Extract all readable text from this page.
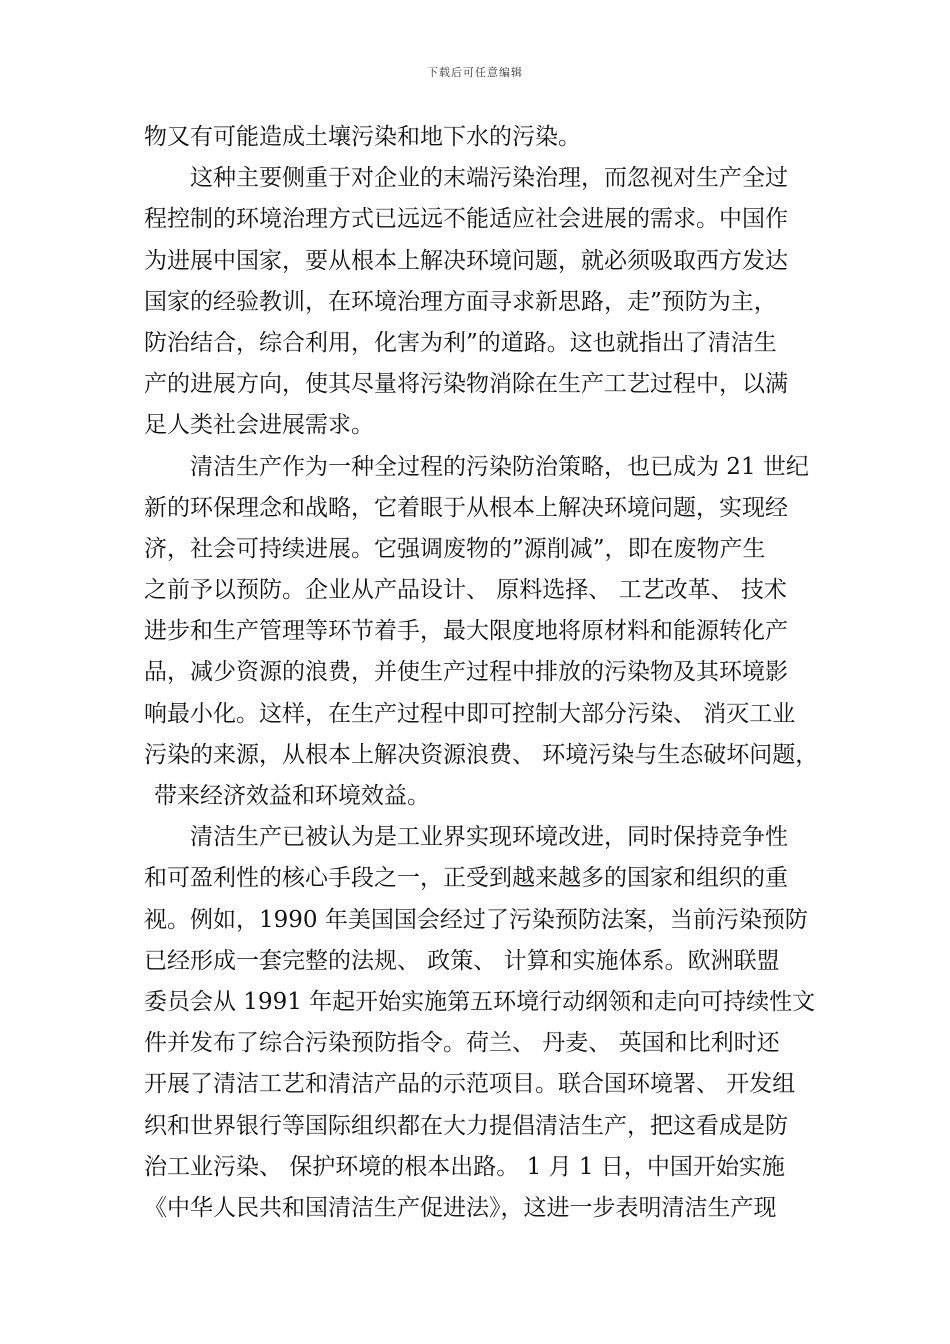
下载后可任意编辑
物又有可能造成土壤污染和地下水的污染。
这种主要侧重于对企业的末端污染治理，而忽视对生产全过
程控制的环境治理方式已远远不能适应社会进展的需求。中国作
为进展中国家，要从根本上解决环境问题，就必须吸取西方发达
国家的经验教训，在环境治理方面寻求新思路，走”预防为主，
防治结合，综合利用，化害为利”的道路。这也就指出了清洁生
产的进展方向，使其尽量将污染物消除在生产工艺过程中，以满
足人类社会进展需求。
清洁生产作为一种全过程的污染防治策略，也已成为 21 世纪
新的环保理念和战略，它着眼于从根本上解决环境问题，实现经
济，社会可持续进展。它强调废物的”源削减”，即在废物产生
之前予以预防。企业从产品设计、 原料选择、 工艺改革、 技术
进步和生产管理等环节着手，最大限度地将原材料和能源转化产
品，减少资源的浪费，并使生产过程中排放的污染物及其环境影
响最小化。这样，在生产过程中即可控制大部分污染、 消灭工业
污染的来源，从根本上解决资源浪费、 环境污染与生态破坏问题，
带来经济效益和环境效益。
清洁生产已被认为是工业界实现环境改进，同时保持竞争性
和可盈利性的核心手段之一，正受到越来越多的国家和组织的重
视。例如，1990 年美国国会经过了污染预防法案，当前污染预防
已经形成一套完整的法规、 政策、 计算和实施体系。欧洲联盟
委员会从 1991 年起开始实施第五环境行动纲领和走向可持续性文
件并发布了综合污染预防指令。荷兰、 丹麦、 英国和比利时还
开展了清洁工艺和清洁产品的示范项目。联合国环境署、 开发组
织和世界银行等国际组织都在大力提倡清洁生产，把这看成是防
治工业污染、 保护环境的根本出路。 1 月 1 日，中国开始实施
《中华人民共和国清洁生产促进法》，这进一步表明清洁生产现
